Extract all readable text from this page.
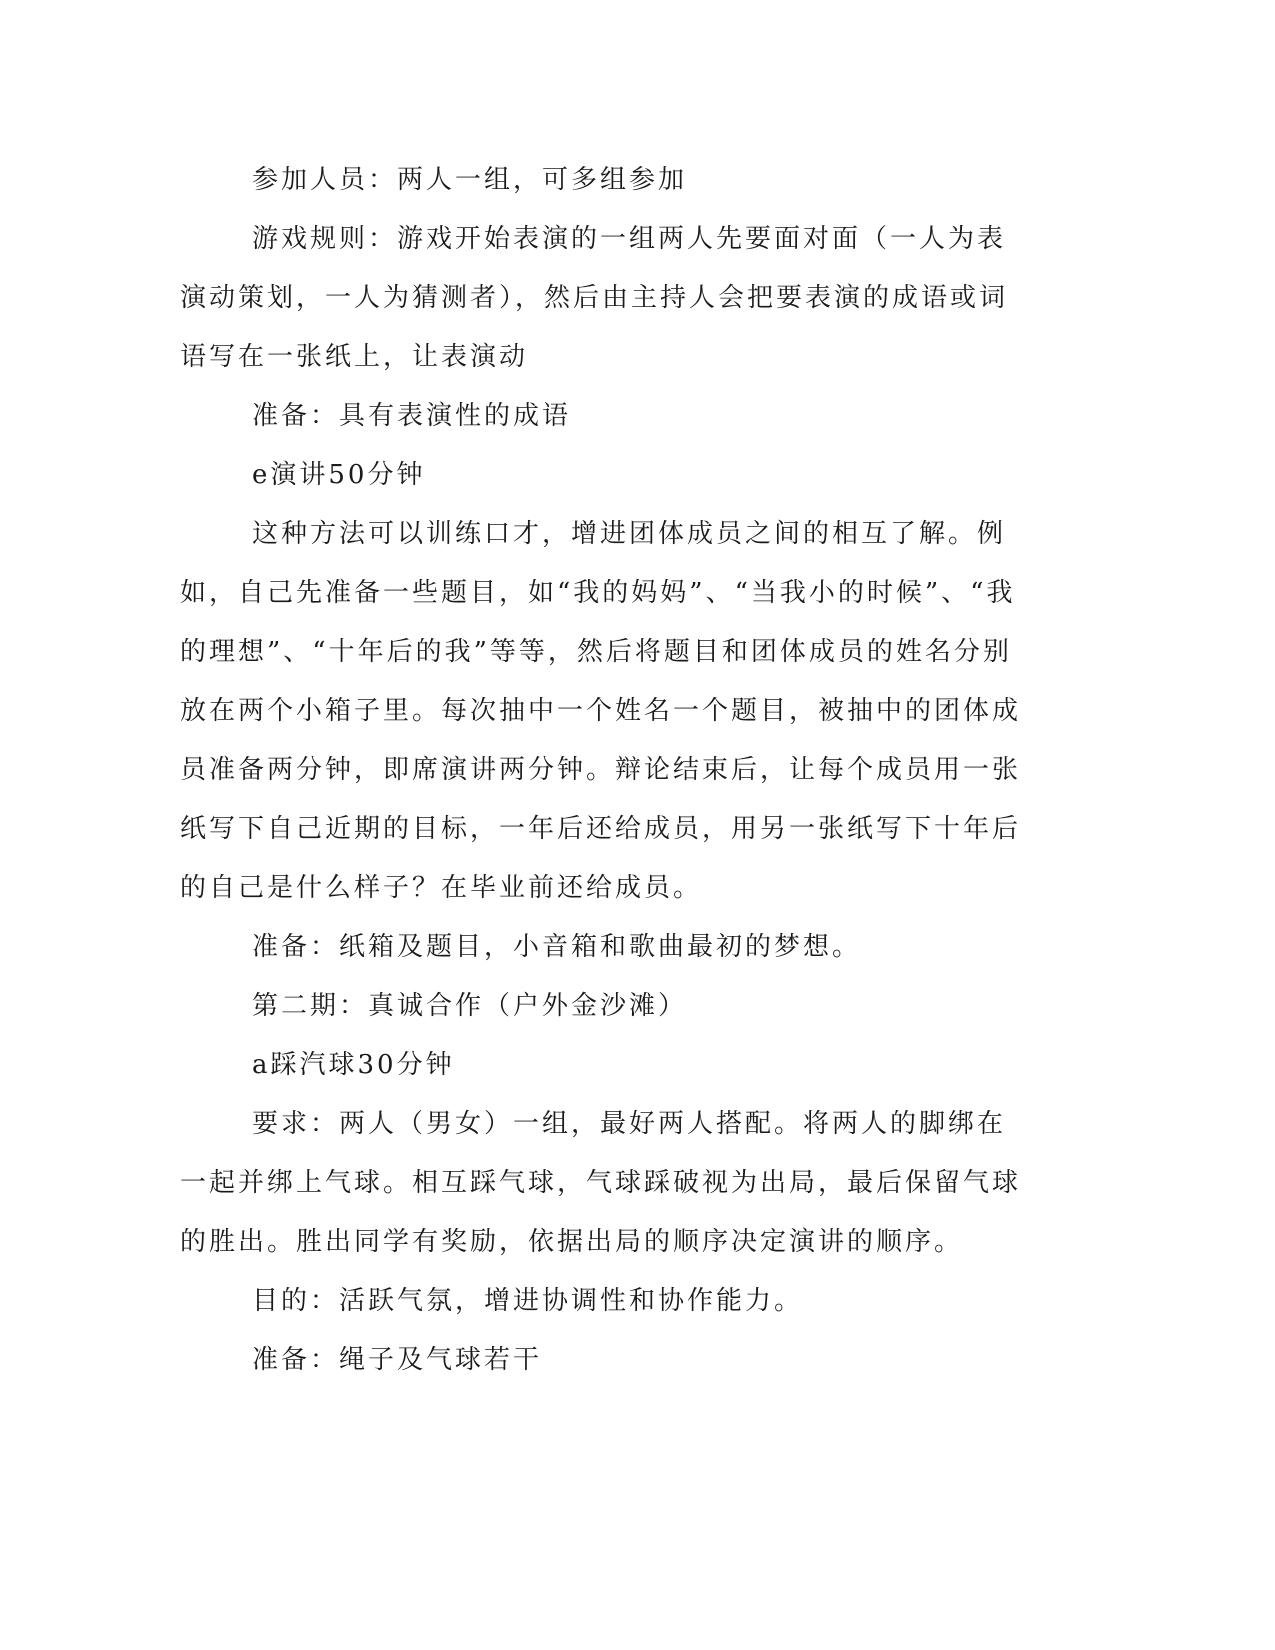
参加人员：两人一组，可多组参加

游戏规则：游戏开始表演的一组两人先要面对面（一人为表演动策划，一人为猜测者），然后由主持人会把要表演的成语或词语写在一张纸上，让表演动

准备：具有表演性的成语

e演讲50分钟

这种方法可以训练口才，增进团体成员之间的相互了解。例如，自己先准备一些题目，如“我的妈妈”、“当我小的时候”、“我的理想”、“十年后的我”等等，然后将题目和团体成员的姓名分别放在两个小箱子里。每次抽中一个姓名一个题目，被抽中的团体成员准备两分钟，即席演讲两分钟。辩论结束后，让每个成员用一张纸写下自己近期的目标，一年后还给成员，用另一张纸写下十年后的自己是什么样子？在毕业前还给成员。

准备：纸箱及题目，小音箱和歌曲最初的梦想。

第二期：真诚合作（户外金沙滩）

a踩汽球30分钟

要求：两人（男女）一组，最好两人搭配。将两人的脚绑在一起并绑上气球。相互踩气球，气球踩破视为出局，最后保留气球的胜出。胜出同学有奖励，依据出局的顺序决定演讲的顺序。

目的：活跃气氛，增进协调性和协作能力。

准备：绳子及气球若干
